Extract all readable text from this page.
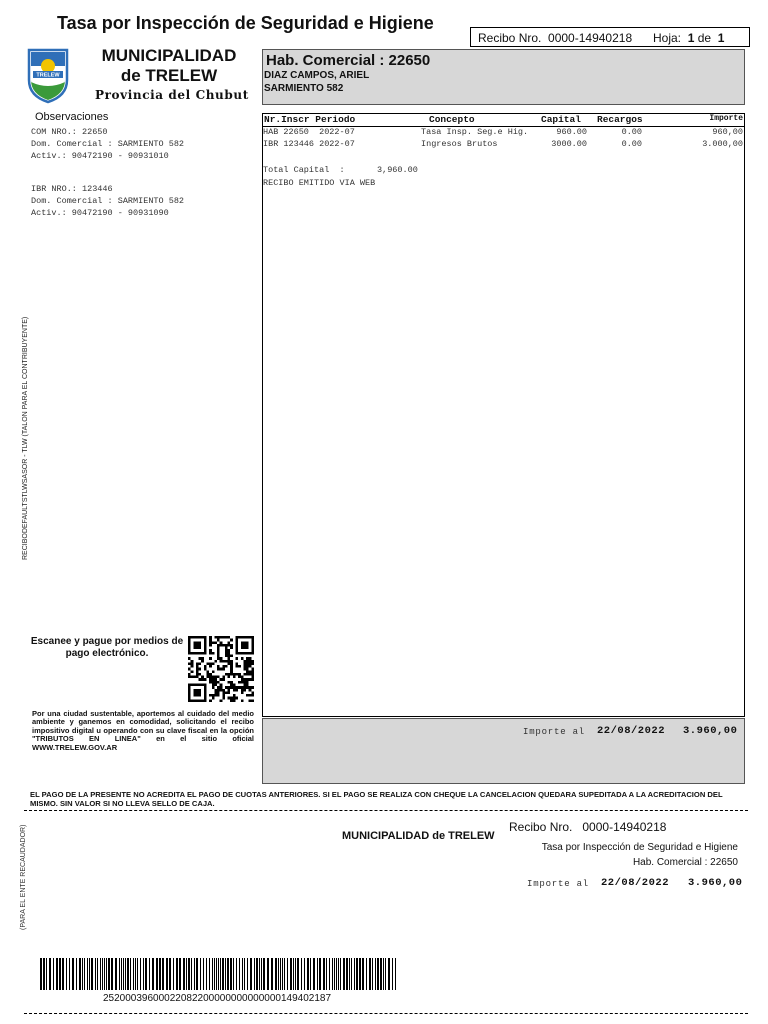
Tasa por Inspección de Seguridad e Higiene
Recibo Nro. 0000-14940218 Hoja: 1 de 1
TRELEW
MUNICIPALIDAD
de TRELEW
Provincia del Chubut
Hab. Comercial : 22650
DIAZ CAMPOS, ARIEL
SARMIENTO 582
Observaciones
COM NRO.: 22650
Dom. Comercial : SARMIENTO 582
Activ.: 90472190 - 90931010
IBR NRO.: 123446
Dom. Comercial : SARMIENTO 582
Activ.: 90472190 - 90931090
Nr.Inscr Periodo	Concepto	Capital Recargos	Importe
HAB 22650  2022-07	Tasa Insp. Seg.e Hig.	960.00	0.00	960,00
IBR 123446 2022-07	Ingresos Brutos	3000.00	0.00	3.000,00
Total Capital  :	3,960.00
RECIBO EMITIDO VIA WEB
RECIBODEFAULTSTLWSASOR - TLW (TALON PARA EL CONTRIBUYENTE)
Escanee y pague por medios de pago electrónico.
Por una ciudad sustentable, aportemos al cuidado del medio ambiente y ganemos en comodidad, solicitando el recibo impositivo digital u operando con su clave fiscal en la opción "TRIBUTOS EN LINEA" en el sitio oficial WWW.TRELEW.GOV.AR
Importe al 22/08/2022 3.960,00
EL PAGO DE LA PRESENTE NO ACREDITA EL PAGO DE CUOTAS ANTERIORES. SI EL PAGO SE REALIZA CON CHEQUE LA CANCELACION QUEDARA SUPEDITADA A LA ACREDITACION DEL MISMO. SIN VALOR SI NO LLEVA SELLO DE CAJA.
(PARA EL ENTE RECAUDADOR)	MUNICIPALIDAD de TRELEW
Recibo Nro. 0000-14940218
Tasa por Inspección de Seguridad e Higiene
Hab. Comercial : 22650
Importe al 22/08/2022 3.960,00
25200039600022082200000000000000149402187
